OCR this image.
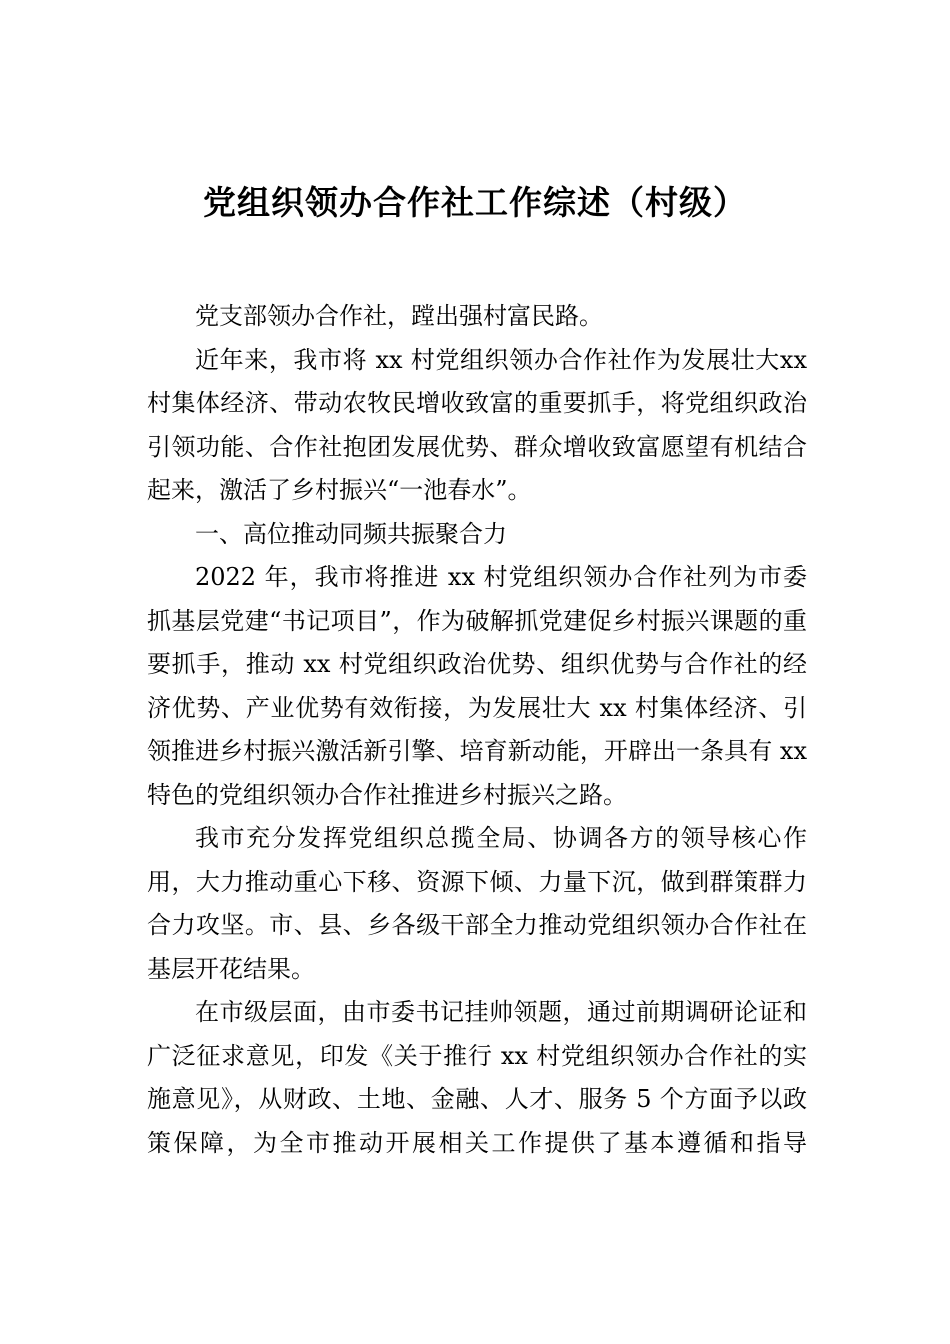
党组织领办合作社工作综述（村级）

党支部领办合作社，蹚出强村富民路。

近年来，我市将 xx 村党组织领办合作社作为发展壮大xx 村集体经济、带动农牧民增收致富的重要抓手，将党组织政治引领功能、合作社抱团发展优势、群众增收致富愿望有机结合起来，激活了乡村振兴“一池春水”。

一、高位推动同频共振聚合力

2022 年，我市将推进 xx 村党组织领办合作社列为市委抓基层党建“书记项目”，作为破解抓党建促乡村振兴课题的重要抓手，推动 xx 村党组织政治优势、组织优势与合作社的经济优势、产业优势有效衔接，为发展壮大 xx 村集体经济、引领推进乡村振兴激活新引擎、培育新动能，开辟出一条具有 xx 特色的党组织领办合作社推进乡村振兴之路。

我市充分发挥党组织总揽全局、协调各方的领导核心作用，大力推动重心下移、资源下倾、力量下沉，做到群策群力合力攻坚。市、县、乡各级干部全力推动党组织领办合作社在基层开花结果。

在市级层面，由市委书记挂帅领题，通过前期调研论证和广泛征求意见，印发《关于推行 xx 村党组织领办合作社的实施意见》，从财政、土地、金融、人才、服务 5 个方面予以政策保障，为全市推动开展相关工作提供了基本遵循和指导
